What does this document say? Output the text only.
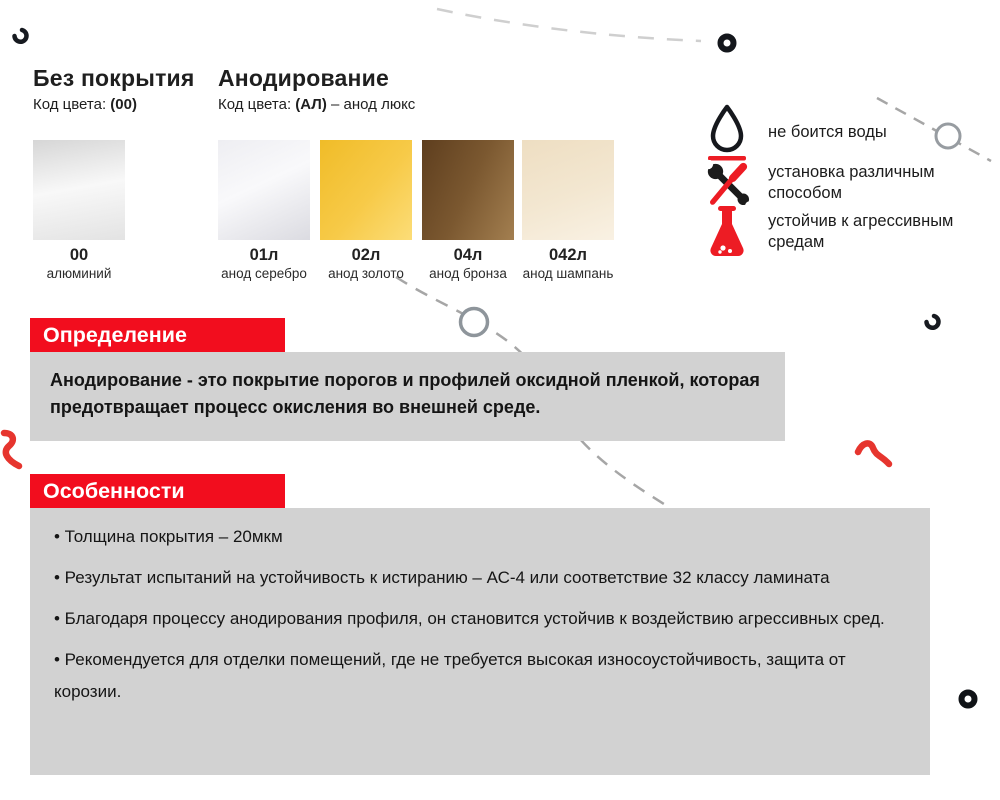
Без покрытия
Код цвета: (00)
Анодирование
Код цвета: (АЛ) – анод люкс
00
алюминий
01л
анод серебро
02л
анод золото
04л
анод бронза
042л
анод шампань
не боится воды
установка различным способом
устойчив к агрессивным средам
Определение
Анодирование - это покрытие порогов и профилей оксидной пленкой, которая предотвращает процесс окисления во внешней среде.
Особенности

• Толщина покрытия – 20мкм

• Результат испытаний на устойчивость к истиранию – АС-4 или соответствие 32 классу ламината

• Благодаря процессу анодирования профиля, он становится устойчив к воздействию агрессивных сред.

• Рекомендуется для отделки помещений, где не требуется высокая износоустойчивость, защита от корозии.
